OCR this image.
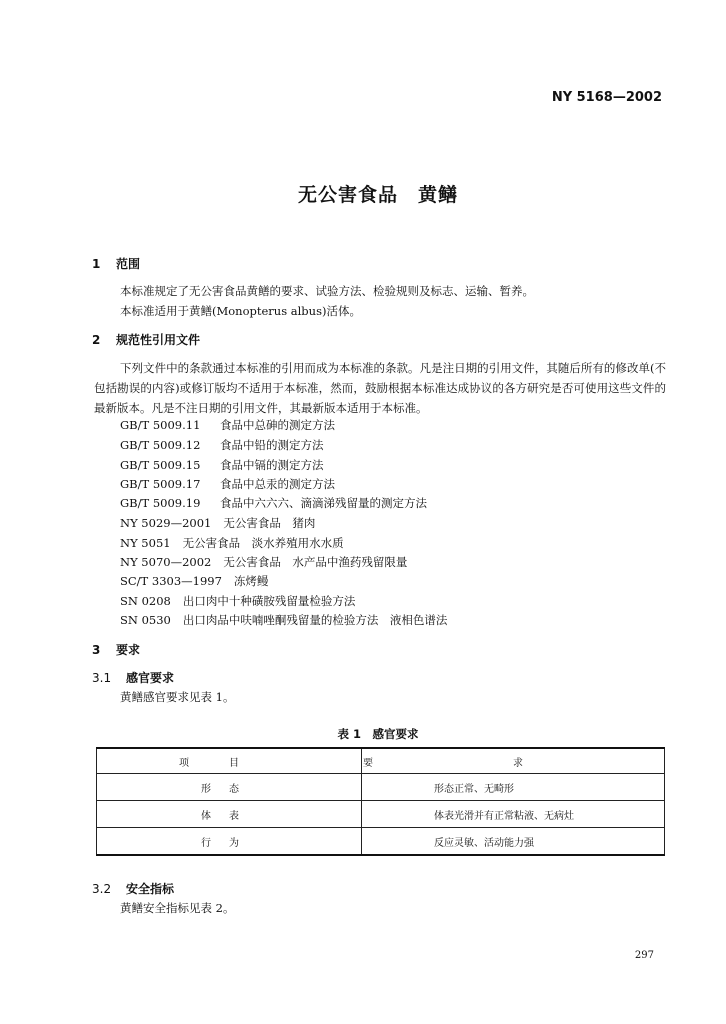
NY 5168—2002
无公害食品　黄鳝
1 范围
本标准规定了无公害食品黄鳝的要求、试验方法、检验规则及标志、运输、暂养。
本标准适用于黄鳝(Monopterus albus)活体。
2 规范性引用文件
下列文件中的条款通过本标准的引用而成为本标准的条款。凡是注日期的引用文件，其随后所有的修改单(不包括勘误的内容)或修订版均不适用于本标准，然而，鼓励根据本标准达成协议的各方研究是否可使用这些文件的最新版本。凡是不注日期的引用文件，其最新版本适用于本标准。
GB/T 5009.11 食品中总砷的测定方法
GB/T 5009.12 食品中铅的测定方法
GB/T 5009.15 食品中镉的测定方法
GB/T 5009.17 食品中总汞的测定方法
GB/T 5009.19 食品中六六六、滴滴涕残留量的测定方法
NY 5029—2001 无公害食品　猪肉
NY 5051 无公害食品　淡水养殖用水水质
NY 5070—2002 无公害食品　水产品中渔药残留限量
SC/T 3303—1997 冻烤鳗
SN 0208 出口肉中十种磺胺残留量检验方法
SN 0530 出口肉品中呋喃唑酮残留量的检验方法　液相色谱法
3 要求
3.1 感官要求
黄鳝感官要求见表 1。
表 1　感官要求
项目	要求
形态	形态正常、无畸形
体表	体表光滑并有正常粘液、无病灶
行为	反应灵敏、活动能力强
3.2 安全指标
黄鳝安全指标见表 2。
297
